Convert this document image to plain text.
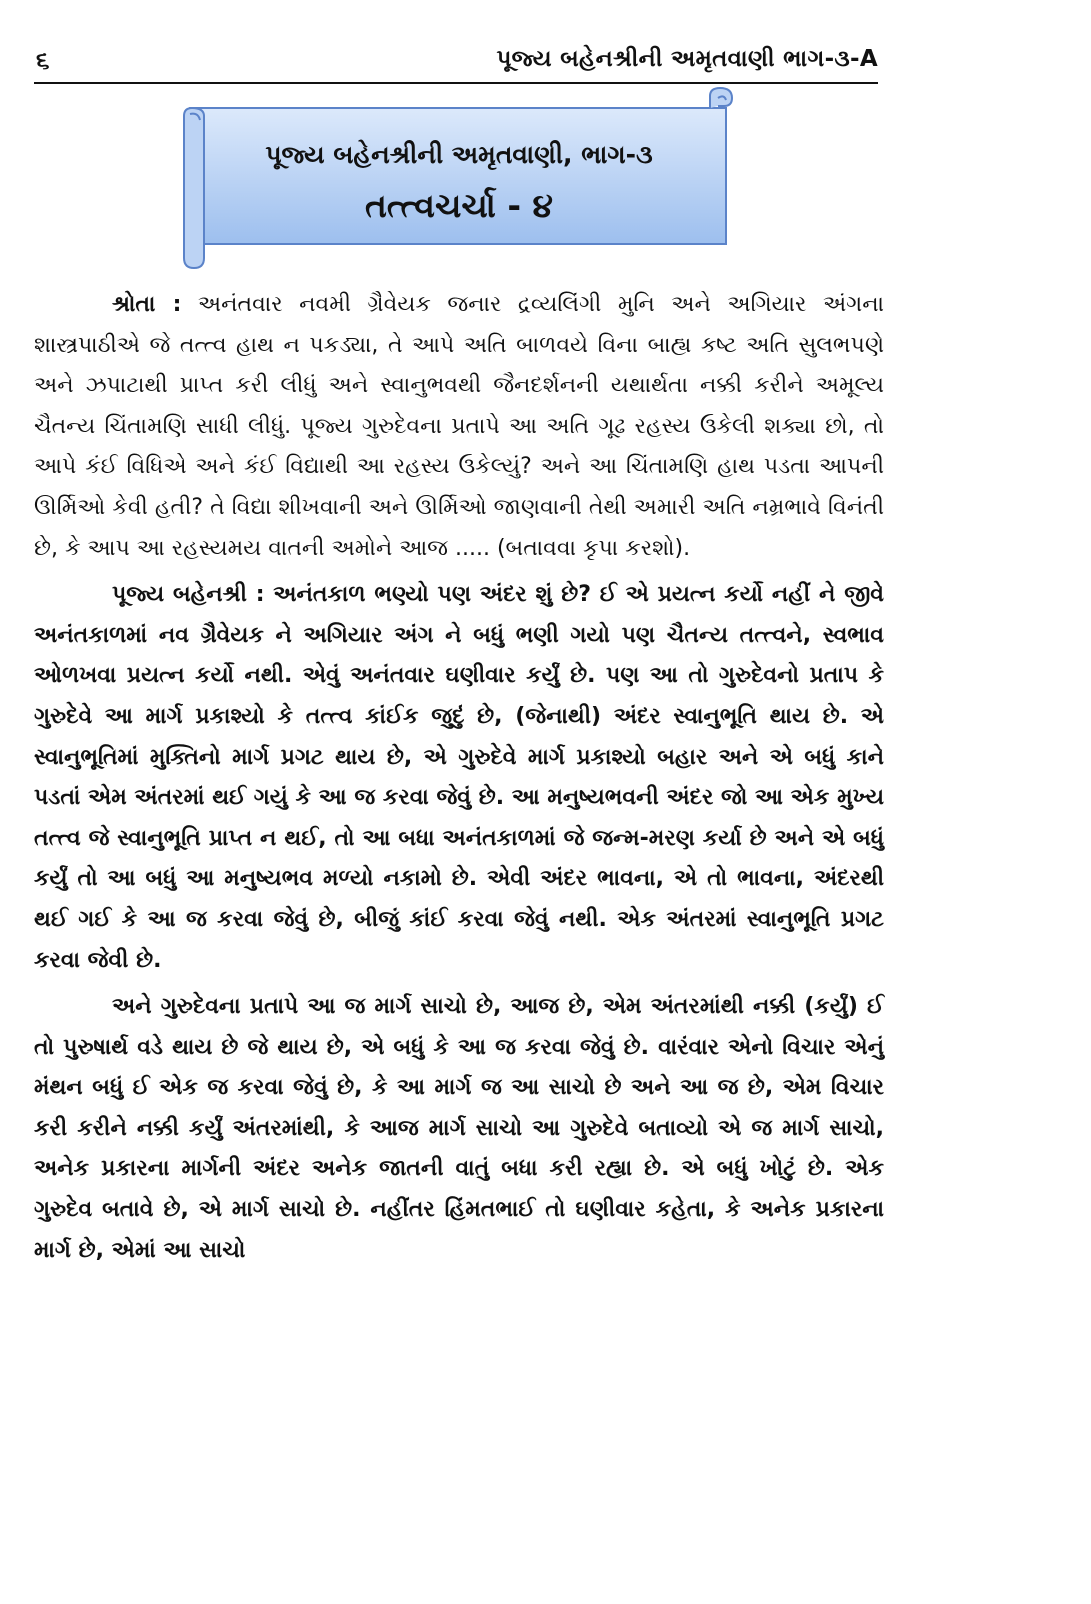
૬	પૂજ્ય બહેનશ્રીની અમૃતવાણી ભાગ-૩-A
પૂજ્ય બહેનશ્રીની અમૃતવાણી, ભાગ-૩
તત્ત્વચર્ચા - ૪

શ્રોતા : અનંતવાર નવમી ગ્રૈવેયક જનાર દ્રવ્યલિંગી મુનિ અને અગિયાર અંગના શાસ્ત્રપાઠીએ જે તત્ત્વ હાથ ન પકડ્યા, તે આપે અતિ બાળવયે વિના બાહ્ય કષ્ટ અતિ સુલભપણે અને ઝપાટાથી પ્રાપ્ત કરી લીધું અને સ્વાનુભવથી જૈનદર્શનની યથાર્થતા નક્કી કરીને અમૂલ્ય ચૈતન્ય ચિંતામણિ સાધી લીધું. પૂજ્ય ગુરુદેવના પ્રતાપે આ અતિ ગૂઢ રહસ્ય ઉકેલી શક્યા છો, તો આપે કંઈ વિધિએ અને કંઈ વિદ્યાથી આ રહસ્ય ઉકેલ્યું? અને આ ચિંતામણિ હાથ પડતા આપની ઊર્મિઓ કેવી હતી? તે વિદ્યા શીખવાની અને ઊર્મિઓ જાણવાની તેથી અમારી અતિ નમ્રભાવે વિનંતી છે, કે આપ આ રહસ્યમય વાતની અમોને આજ ..... (બતાવવા કૃપા કરશો).

પૂજ્ય બહેનશ્રી : અનંતકાળ ભણ્યો પણ અંદર શું છે? ઈ એ પ્રયત્ન કર્યો નહીં ને જીવે અનંતકાળમાં નવ ગ્રૈવેયક ને અગિયાર અંગ ને બધું ભણી ગયો પણ ચૈતન્ય તત્ત્વને, સ્વભાવ ઓળખવા પ્રયત્ન કર્યો નથી. એવું અનંતવાર ઘણીવાર કર્યું છે. પણ આ તો ગુરુદેવનો પ્રતાપ કે ગુરુદેવે આ માર્ગ પ્રકાશ્યો કે તત્ત્વ કાંઈક જુદું છે, (જેનાથી) અંદર સ્વાનુભૂતિ થાય છે. એ સ્વાનુભૂતિમાં મુક્તિનો માર્ગ પ્રગટ થાય છે, એ ગુરુદેવે માર્ગ પ્રકાશ્યો બહાર અને એ બધું કાને પડતાં એમ અંતરમાં થઈ ગયું કે આ જ કરવા જેવું છે. આ મનુષ્યભવની અંદર જો આ એક મુખ્ય તત્ત્વ જે સ્વાનુભૂતિ પ્રાપ્ત ન થઈ, તો આ બધા અનંતકાળમાં જે જન્મ-મરણ કર્યા છે અને એ બધું કર્યું તો આ બધું આ મનુષ્યભવ મળ્યો નકામો છે. એવી અંદર ભાવના, એ તો ભાવના, અંદરથી થઈ ગઈ કે આ જ કરવા જેવું છે, બીજું કાંઈ કરવા જેવું નથી. એક અંતરમાં સ્વાનુભૂતિ પ્રગટ કરવા જેવી છે.

અને ગુરુદેવના પ્રતાપે આ જ માર્ગ સાચો છે, આજ છે, એમ અંતરમાંથી નક્કી (કર્યું) ઈ તો પુરુષાર્થ વડે થાય છે જે થાય છે, એ બધું કે આ જ કરવા જેવું છે. વારંવાર એનો વિચાર એનું મંથન બધું ઈ એક જ કરવા જેવું છે, કે આ માર્ગ જ આ સાચો છે અને આ જ છે, એમ વિચાર કરી કરીને નક્કી કર્યું અંતરમાંથી, કે આજ માર્ગ સાચો આ ગુરુદેવે બતાવ્યો એ જ માર્ગ સાચો, અનેક પ્રકારના માર્ગની અંદર અનેક જાતની વાતું બધા કરી રહ્યા છે. એ બધું ખોટું છે. એક ગુરુદેવ બતાવે છે, એ માર્ગ સાચો છે. નહીંતર હિંમતભાઈ તો ઘણીવાર કહેતા, કે અનેક પ્રકારના માર્ગ છે, એમાં આ સાચો
